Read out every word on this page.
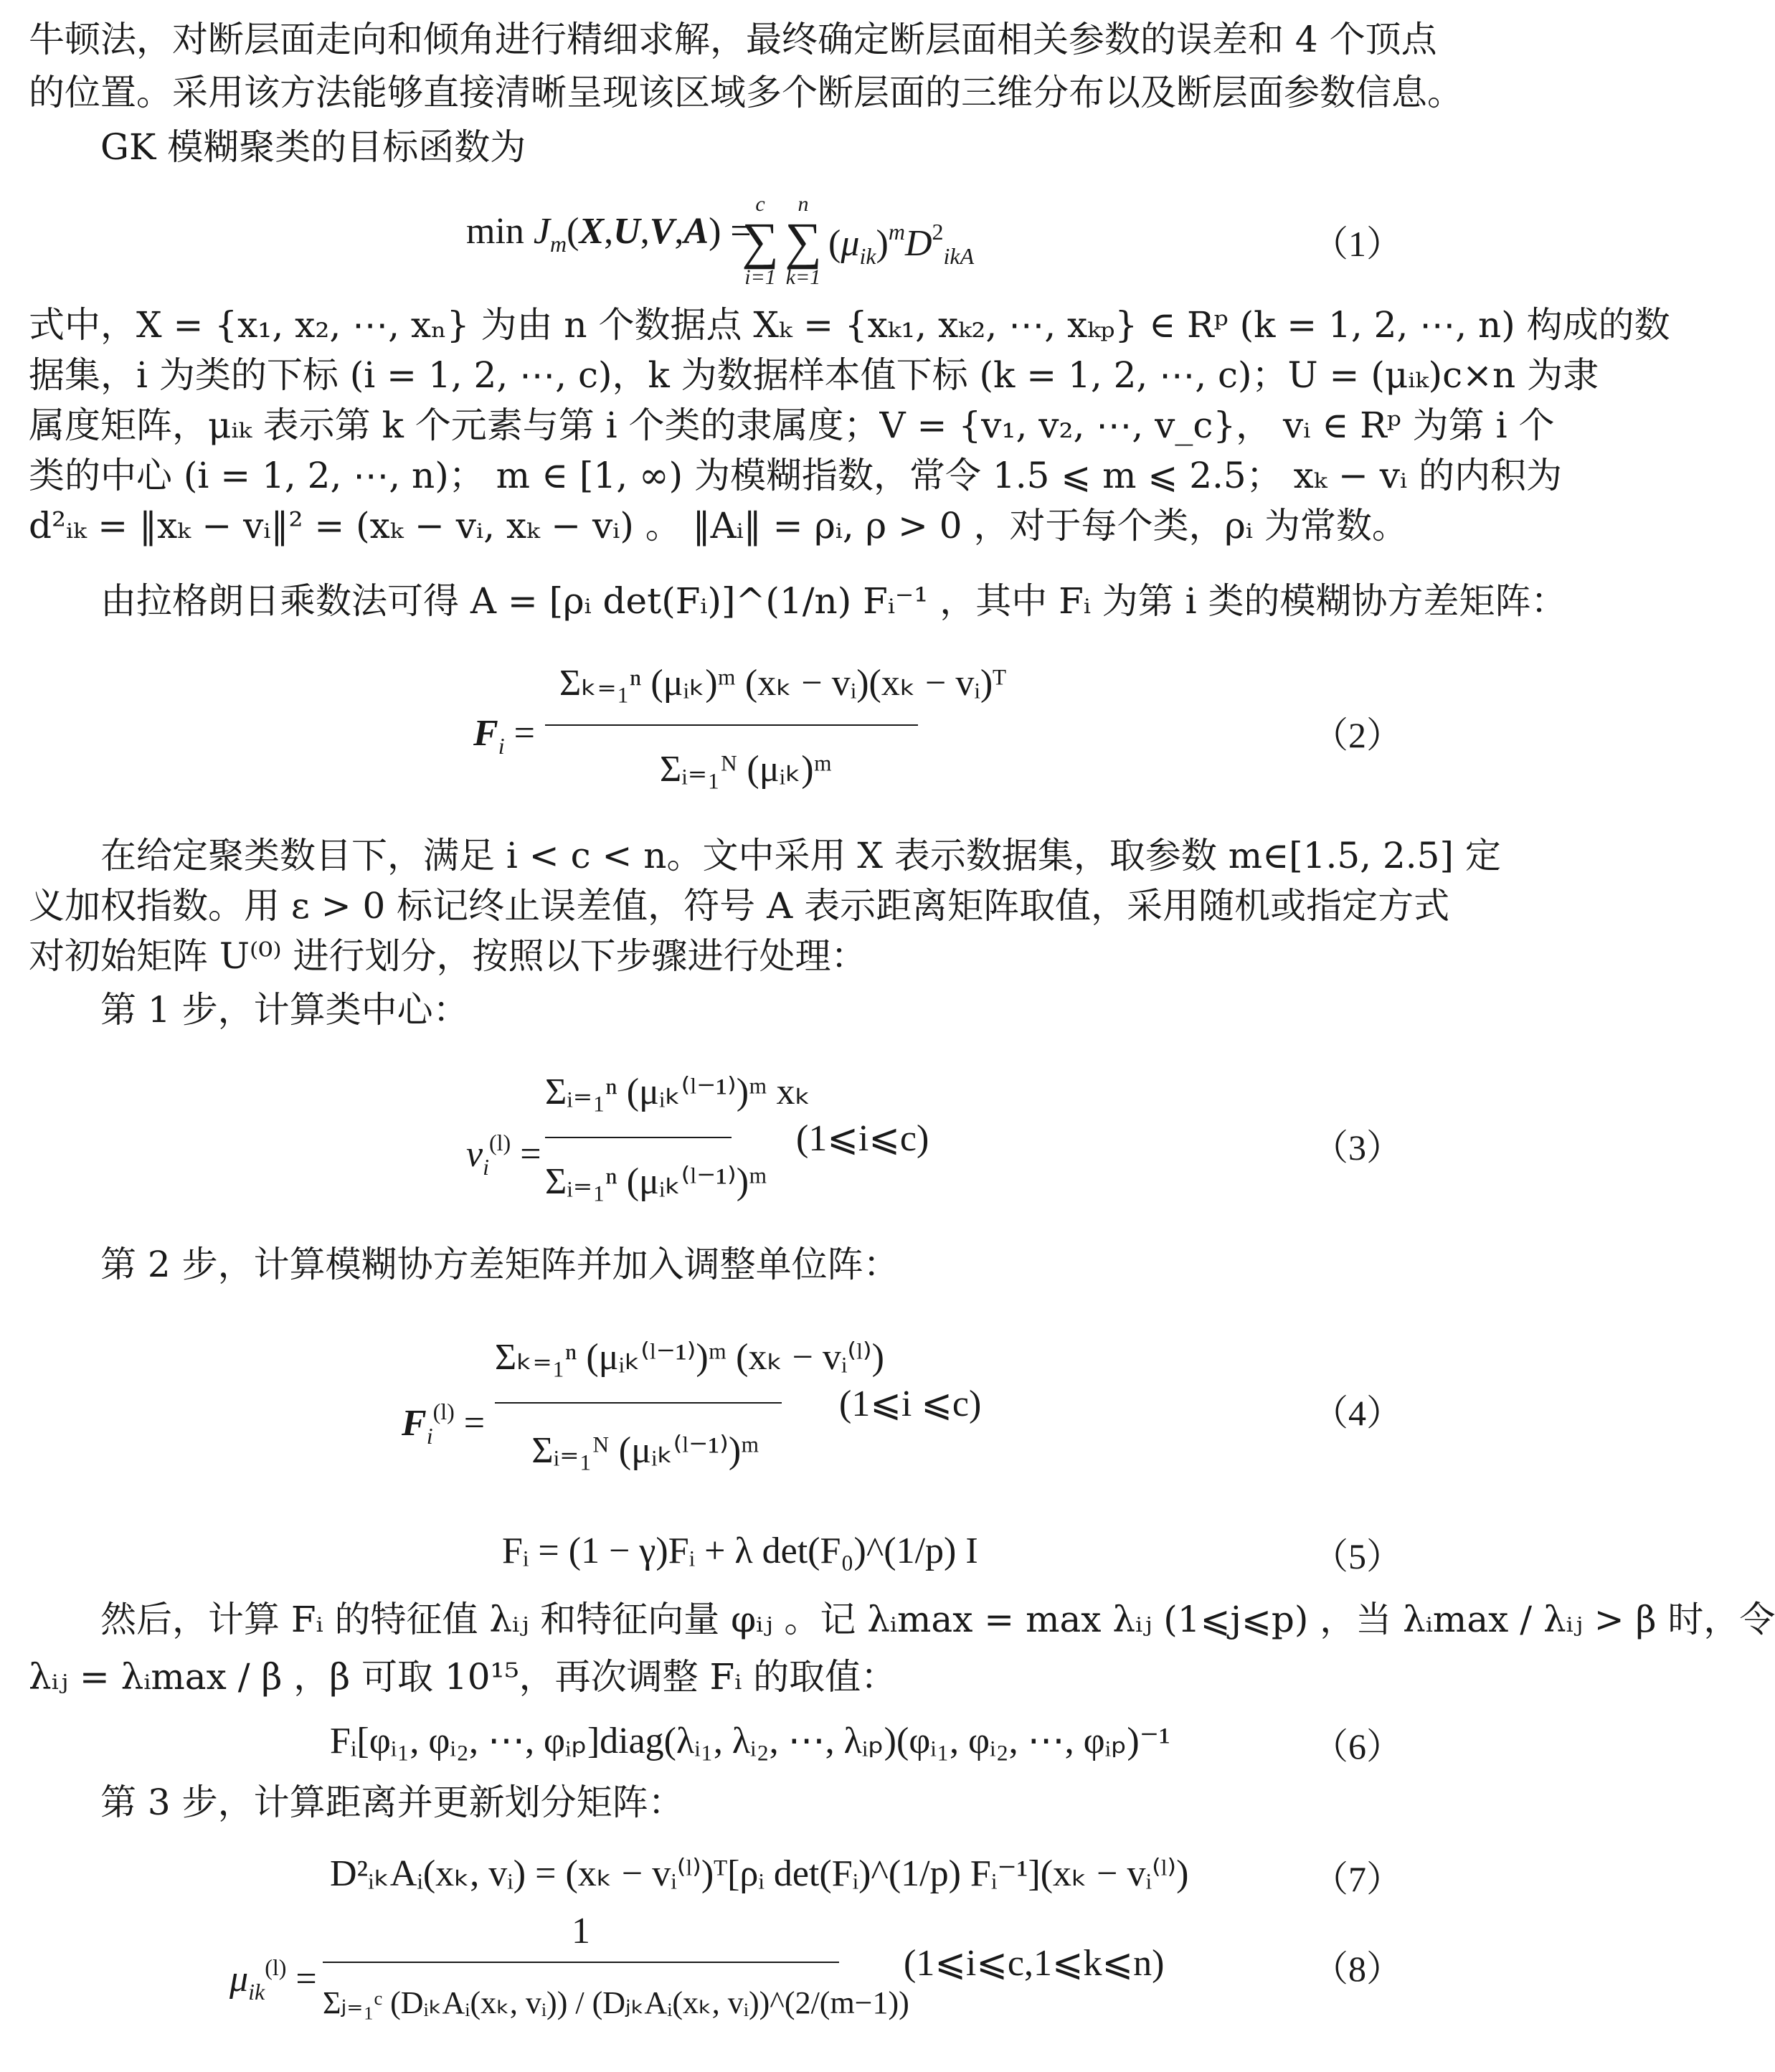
牛顿法，对断层面走向和倾角进行精细求解，最终确定断层面相关参数的误差和 4 个顶点
的位置。采用该方法能够直接清晰呈现该区域多个断层面的三维分布以及断层面参数信息。
GK 模糊聚类的目标函数为
$\min J_m(X,U,V,A)$ =
c
∑
i=1
n
∑
k=1
$(\mu_{ik})^mD^2_{ikA}$	（1）
式中，X = {x₁, x₂, ⋯, xₙ} 为由 n 个数据点 Xₖ = {xₖ₁, xₖ₂, ⋯, xₖₚ} ∈ Rᵖ (k = 1, 2, ⋯, n) 构成的数
据集，i 为类的下标 (i = 1, 2, ⋯, c)，k 为数据样本值下标 (k = 1, 2, ⋯, c)；U = (μᵢₖ)c×n 为隶
属度矩阵，μᵢₖ 表示第 k 个元素与第 i 个类的隶属度；V = {v₁, v₂, ⋯, v_c}， vᵢ ∈ Rᵖ 为第 i 个
类的中心 (i = 1, 2, ⋯, n)； m ∈ [1, ∞) 为模糊指数，常令 1.5 ⩽ m ⩽ 2.5； xₖ − vᵢ 的内积为
d²ᵢₖ = ‖xₖ − vᵢ‖² = (xₖ − vᵢ, xₖ − vᵢ) 。 ‖Aᵢ‖ = ρᵢ, ρ > 0 ，对于每个类，ρᵢ 为常数。
由拉格朗日乘数法可得 A = [ρᵢ det(Fᵢ)]^(1/n) Fᵢ⁻¹ ，其中 Fᵢ 为第 i 类的模糊协方差矩阵：
$F_i$ =
Σₖ₌₁ⁿ (μᵢₖ)ᵐ (xₖ − vᵢ)(xₖ − vᵢ)ᵀ
Σᵢ₌₁ᴺ (μᵢₖ)ᵐ
（2）
在给定聚类数目下，满足 i < c < n。文中采用 X 表示数据集，取参数 m∈[1.5, 2.5] 定
义加权指数。用 ε > 0 标记终止误差值，符号 A 表示距离矩阵取值，采用随机或指定方式
对初始矩阵 U⁽⁰⁾ 进行划分，按照以下步骤进行处理：
第 1 步，计算类中心：
$v_i^{(l)}$ =
Σᵢ₌₁ⁿ (μᵢₖ⁽ˡ⁻¹⁾)ᵐ xₖ
Σᵢ₌₁ⁿ (μᵢₖ⁽ˡ⁻¹⁾)ᵐ
(1⩽i⩽c)	（3）
第 2 步，计算模糊协方差矩阵并加入调整单位阵：
$F_i^{(l)}$ =
Σₖ₌₁ⁿ (μᵢₖ⁽ˡ⁻¹⁾)ᵐ (xₖ − vᵢ⁽ˡ⁾)
Σᵢ₌₁ᴺ (μᵢₖ⁽ˡ⁻¹⁾)ᵐ
(1⩽i ⩽c)	（4）
Fᵢ = (1 − γ)Fᵢ + λ det(F₀)^(1/p) I	（5）
然后，计算 Fᵢ 的特征值 λᵢⱼ 和特征向量 φᵢⱼ 。记 λᵢmax = max λᵢⱼ (1⩽j⩽p) ，当 λᵢmax / λᵢⱼ > β 时，令
λᵢⱼ = λᵢmax / β ，β 可取 10¹⁵，再次调整 Fᵢ 的取值：
Fᵢ[φᵢ₁, φᵢ₂, ⋯, φᵢₚ]diag(λᵢ₁, λᵢ₂, ⋯, λᵢₚ)(φᵢ₁, φᵢ₂, ⋯, φᵢₚ)⁻¹	（6）
第 3 步，计算距离并更新划分矩阵：
D²ᵢₖAᵢ(xₖ, vᵢ) = (xₖ − vᵢ⁽ˡ⁾)ᵀ[ρᵢ det(Fᵢ)^(1/p) Fᵢ⁻¹](xₖ − vᵢ⁽ˡ⁾)	（7）
$\mu_{ik}^{(l)}$ =
1
Σⱼ₌₁ᶜ (DᵢₖAᵢ(xₖ, vᵢ)) / (DⱼₖAᵢ(xₖ, vᵢ))^(2/(m−1))
(1⩽i⩽c,1⩽k⩽n)	（8）
